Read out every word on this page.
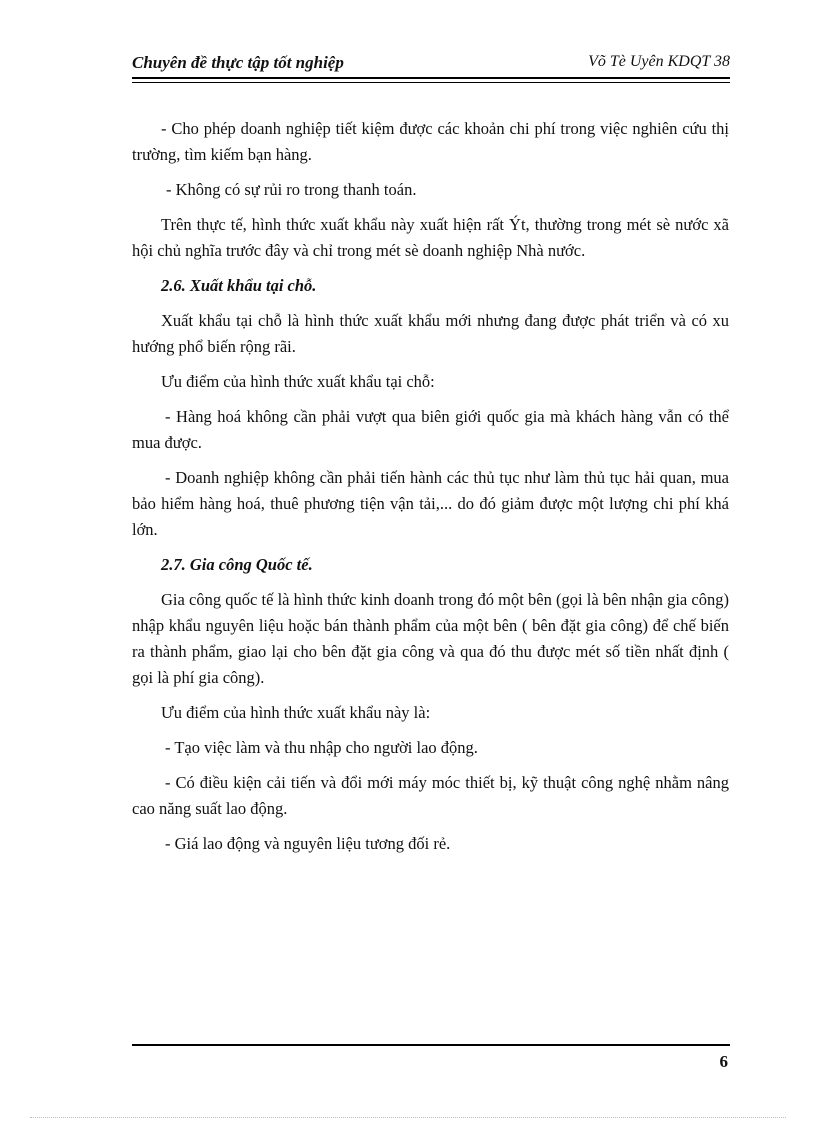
Chuyên đề thực tập tốt nghiệp	Võ Tè Uyên KDQT 38

- Cho phép doanh nghiệp tiết kiệm được các khoản chi phí trong việc nghiên cứu thị trường, tìm kiếm bạn hàng.

- Không có sự rủi ro trong thanh toán.

Trên thực tế, hình thức xuất khẩu này xuất hiện rất Ýt, thường trong mét sè nước xã hội chủ nghĩa trước đây và chỉ trong mét sè doanh nghiệp Nhà nước.

2.6. Xuất khẩu tại chỗ.

Xuất khẩu tại chỗ là hình thức xuất khẩu mới nhưng đang được phát triển và có xu hướng phổ biến rộng rãi.

Ưu điểm của hình thức xuất khẩu tại chỗ:

- Hàng hoá không cần phải vượt qua biên giới quốc gia mà khách hàng vẫn có thể mua được.

- Doanh nghiệp không cần phải tiến hành các thủ tục như làm thủ tục hải quan, mua bảo hiểm hàng hoá, thuê phương tiện vận tải,... do đó giảm được một lượng chi phí khá lớn.

2.7. Gia công Quốc tế.

Gia công quốc tế là hình thức kinh doanh trong đó một bên (gọi là bên nhận gia công) nhập khẩu nguyên liệu hoặc bán thành phẩm của một bên ( bên đặt gia công) để chế biến ra thành phẩm, giao lại cho bên đặt gia công và qua đó thu được mét số tiền nhất định ( gọi là phí gia công).

Ưu điểm của hình thức xuất khẩu này là:

- Tạo việc làm và thu nhập cho người lao động.

- Có điều kiện cải tiến và đổi mới máy móc thiết bị, kỹ thuật công nghệ nhằm nâng cao năng suất lao động.

- Giá lao động và nguyên liệu tương đối rẻ.

6
